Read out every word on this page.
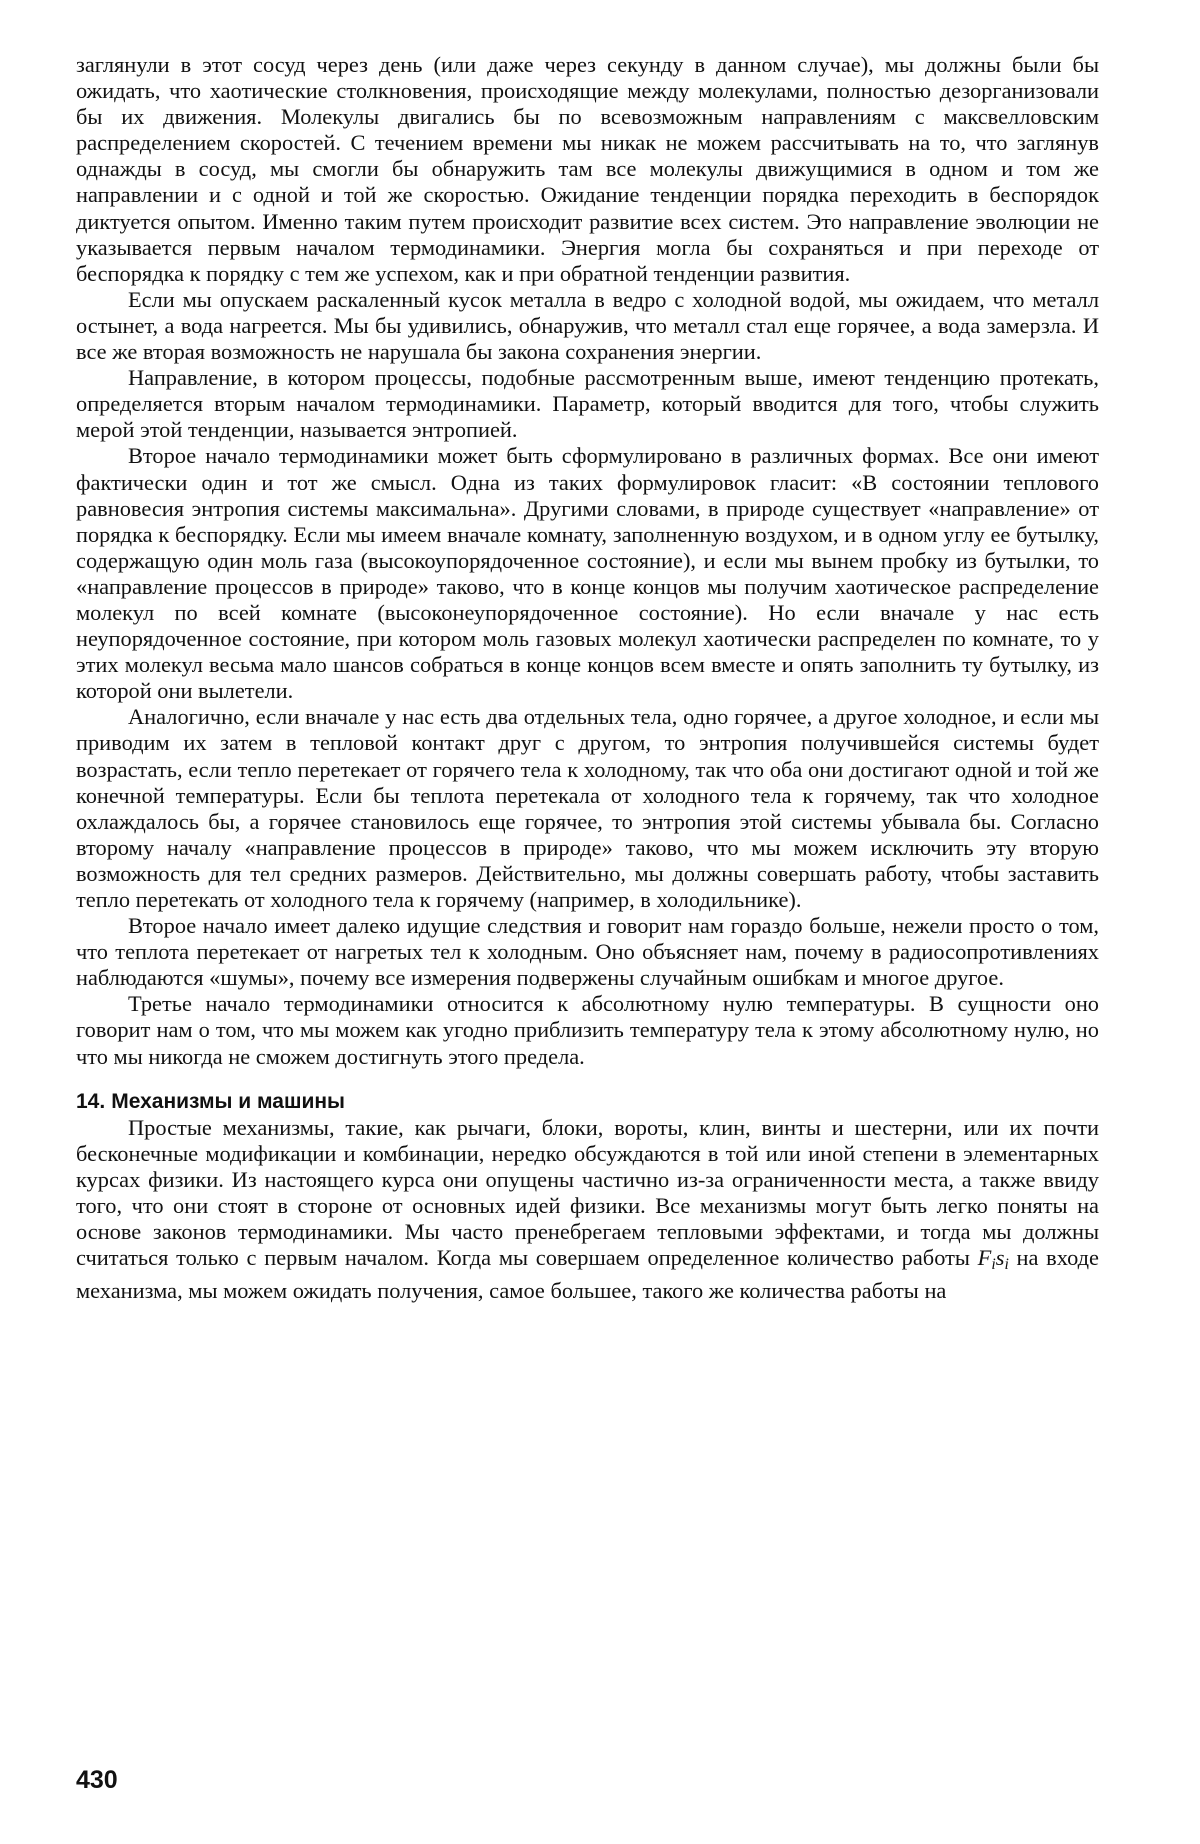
заглянули в этот сосуд через день (или даже через секунду в данном случае), мы должны были бы ожидать, что хаотические столкновения, происходящие между молекулами, полностью дезорганизовали бы их движения. Молекулы двигались бы по всевозможным направлениям с максвелловским распределением скоростей. С течением времени мы никак не можем рассчитывать на то, что заглянув однажды в сосуд, мы смогли бы обнаружить там все молекулы движущимися в одном и том же направлении и с одной и той же скоростью. Ожидание тенденции порядка переходить в беспорядок диктуется опытом. Именно таким путем происходит развитие всех систем. Это направление эволюции не указывается первым началом термодинамики. Энергия могла бы сохраняться и при переходе от беспорядка к порядку с тем же успехом, как и при обратной тенденции развития.

Если мы опускаем раскаленный кусок металла в ведро с холодной водой, мы ожидаем, что металл остынет, а вода нагреется. Мы бы удивились, обнаружив, что металл стал еще горячее, а вода замерзла. И все же вторая возможность не нарушала бы закона сохранения энергии.

Направление, в котором процессы, подобные рассмотренным выше, имеют тенденцию протекать, определяется вторым началом термодинамики. Параметр, который вводится для того, чтобы служить мерой этой тенденции, называется энтропией.

Второе начало термодинамики может быть сформулировано в различных формах. Все они имеют фактически один и тот же смысл. Одна из таких формулировок гласит: «В состоянии теплового равновесия энтропия системы максимальна». Другими словами, в природе существует «направление» от порядка к беспорядку. Если мы имеем вначале комнату, заполненную воздухом, и в одном углу ее бутылку, содержащую один моль газа (высокоупорядоченное состояние), и если мы вынем пробку из бутылки, то «направление процессов в природе» таково, что в конце концов мы получим хаотическое распределение молекул по всей комнате (высоконеупорядоченное состояние). Но если вначале у нас есть неупорядоченное состояние, при котором моль газовых молекул хаотически распределен по комнате, то у этих молекул весьма мало шансов собраться в конце концов всем вместе и опять заполнить ту бутылку, из которой они вылетели.

Аналогично, если вначале у нас есть два отдельных тела, одно горячее, а другое холодное, и если мы приводим их затем в тепловой контакт друг с другом, то энтропия получившейся системы будет возрастать, если тепло перетекает от горячего тела к холодному, так что оба они достигают одной и той же конечной температуры. Если бы теплота перетекала от холодного тела к горячему, так что холодное охлаждалось бы, а горячее становилось еще горячее, то энтропия этой системы убывала бы. Согласно второму началу «направление процессов в природе» таково, что мы можем исключить эту вторую возможность для тел средних размеров. Действительно, мы должны совершать работу, чтобы заставить тепло перетекать от холодного тела к горячему (например, в холодильнике).

Второе начало имеет далеко идущие следствия и говорит нам гораздо больше, нежели просто о том, что теплота перетекает от нагретых тел к холодным. Оно объясняет нам, почему в радиосопротивлениях наблюдаются «шумы», почему все измерения подвержены случайным ошибкам и многое другое.

Третье начало термодинамики относится к абсолютному нулю температуры. В сущности оно говорит нам о том, что мы можем как угодно приблизить температуру тела к этому абсолютному нулю, но что мы никогда не сможем достигнуть этого предела.

14. Механизмы и машины

Простые механизмы, такие, как рычаги, блоки, вороты, клин, винты и шестерни, или их почти бесконечные модификации и комбинации, нередко обсуждаются в той или иной степени в элементарных курсах физики. Из настоящего курса они опущены частично из-за ограниченности места, а также ввиду того, что они стоят в стороне от основных идей физики. Все механизмы могут быть легко поняты на основе законов термодинамики. Мы часто пренебрегаем тепловыми эффектами, и тогда мы должны считаться только с первым началом. Когда мы совершаем определенное количество работы $F_is_i$ на входе механизма, мы можем ожидать получения, самое большее, такого же количества работы на

430
